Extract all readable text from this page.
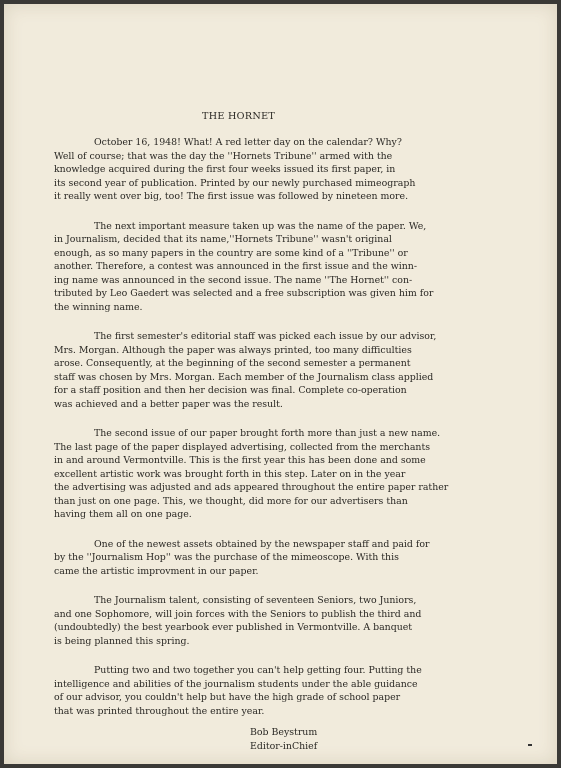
THE HORNET
October 16, 1948! What! A red letter day on the calendar? Why?
Well of course; that was the day the ''Hornets Tribune'' armed with the
knowledge acquired during the first four weeks issued its first paper, in
its second year of publication. Printed by our newly purchased mimeograph
it really went over big, too! The first issue was followed by nineteen more.
The next important measure taken up was the name of the paper. We,
in Journalism, decided that its name,''Hornets Tribune'' wasn't original
enough, as so many papers in the country are some kind of a ''Tribune'' or
another. Therefore, a contest was announced in the first issue and the winn-
ing name was announced in the second issue. The name ''The Hornet'' con-
tributed by Leo Gaedert was selected and a free subscription was given him for
the winning name.
The first semester's editorial staff was picked each issue by our advisor,
Mrs. Morgan. Although the paper was always printed, too many difficulties
arose. Consequently, at the beginning of the second semester a permanent
staff was chosen by Mrs. Morgan. Each member of the Journalism class applied
for a staff position and then her decision was final. Complete co-operation
was achieved and a better paper was the result.
The second issue of our paper brought forth more than just a new name.
The last page of the paper displayed advertising, collected from the merchants
in and around Vermontville. This is the first year this has been done and some
excellent artistic work was brought forth in this step. Later on in the year
the advertising was adjusted and ads appeared throughout the entire paper rather
than just on one page. This, we thought, did more for our advertisers than
having them all on one page.
One of the newest assets obtained by the newspaper staff and paid for
by the ''Journalism Hop'' was the purchase of the mimeoscope. With this
came the artistic improvment in our paper.
The Journalism talent, consisting of seventeen Seniors, two Juniors,
and one Sophomore, will join forces with the Seniors to publish the third and
(undoubtedly) the best yearbook ever published in Vermontville. A banquet
is being planned this spring.
Putting two and two together you can't help getting four. Putting the
intelligence and abilities of the journalism students under the able guidance
of our advisor, you couldn't help but have the high grade of school paper
that was printed throughout the entire year.
Bob Beystrum
Editor-inChief
